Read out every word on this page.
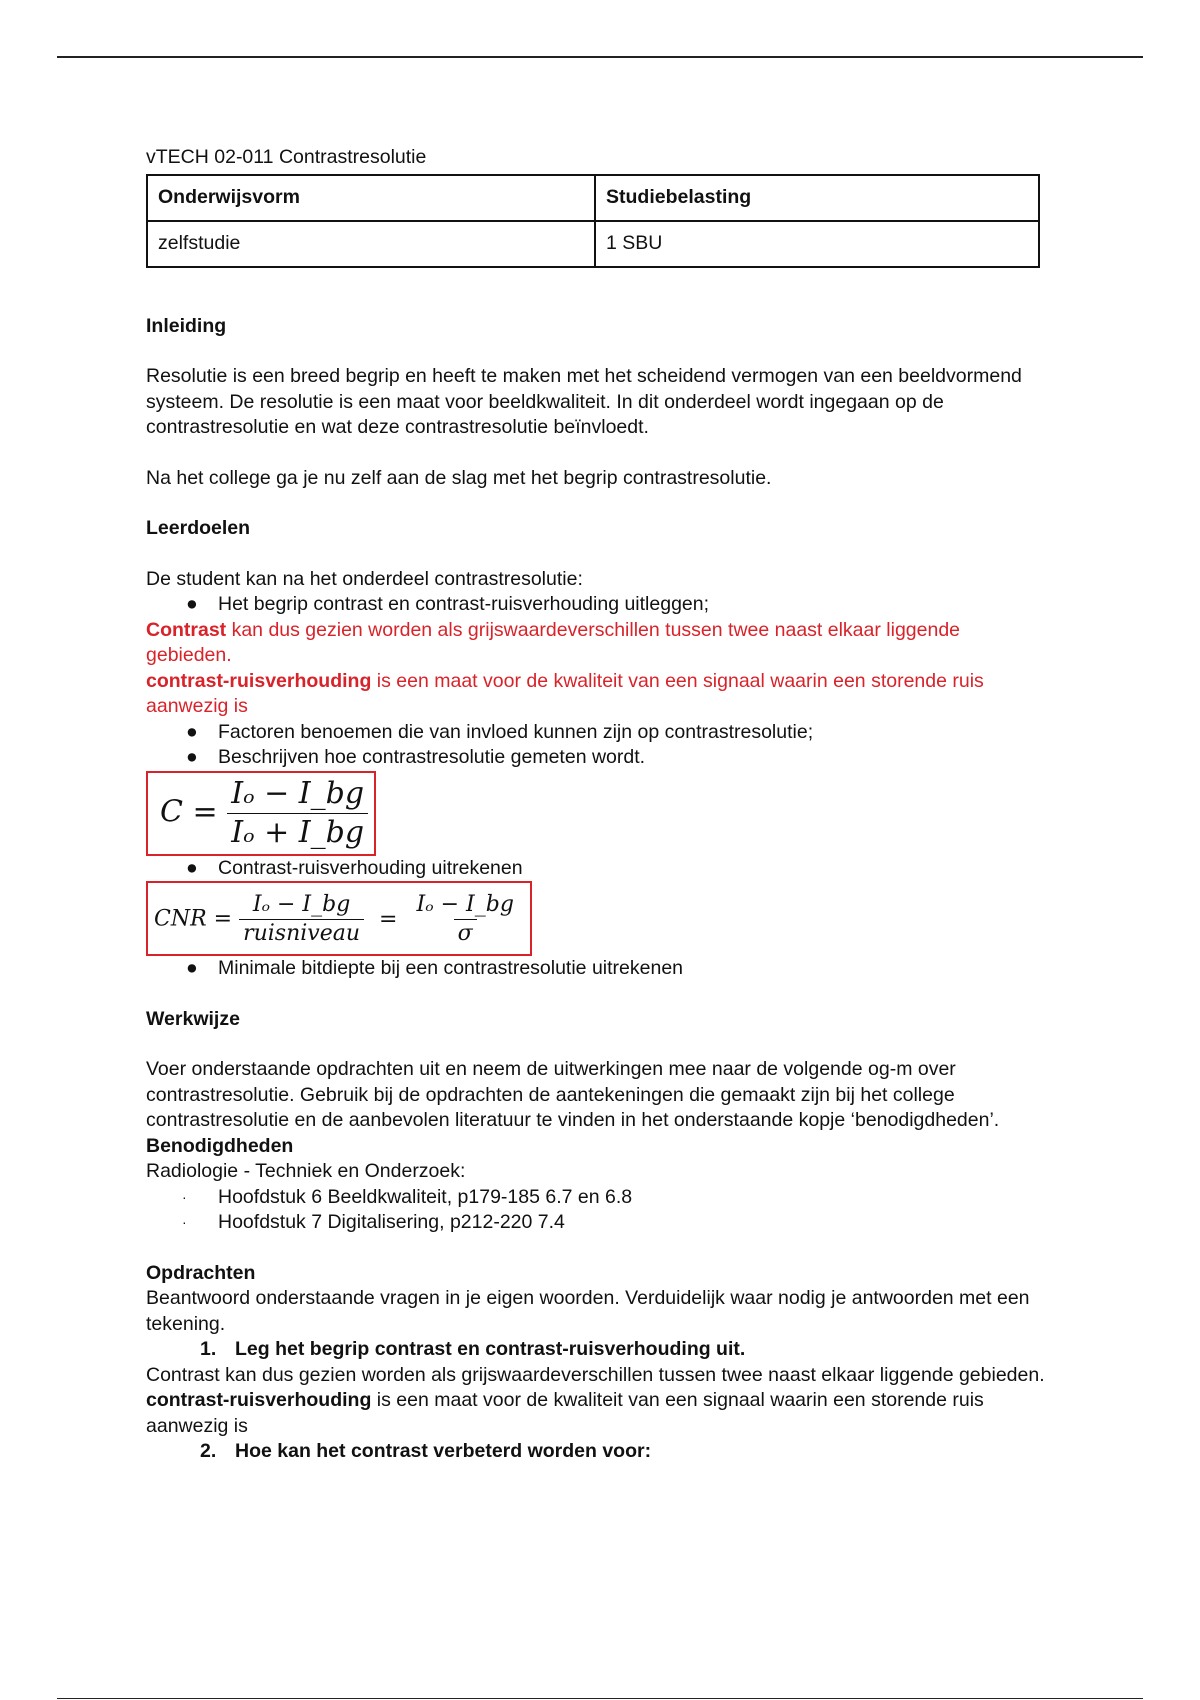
vTECH 02-011 Contrastresolutie

Onderwijsvorm	Studiebelasting
zelfstudie	1 SBU

Inleiding

Resolutie is een breed begrip en heeft te maken met het scheidend vermogen van een beeldvormend systeem. De resolutie is een maat voor beeldkwaliteit. In dit onderdeel wordt ingegaan op de contrastresolutie en wat deze contrastresolutie beïnvloedt.

Na het college ga je nu zelf aan de slag met het begrip contrastresolutie.

Leerdoelen

De student kan na het onderdeel contrastresolutie:

● Het begrip contrast en contrast-ruisverhouding uitleggen;

Contrast kan dus gezien worden als grijswaardeverschillen tussen twee naast elkaar liggende gebieden.

contrast-ruisverhouding is een maat voor de kwaliteit van een signaal waarin een storende ruis aanwezig is

● Factoren benoemen die van invloed kunnen zijn op contrastresolutie;
● Beschrijven hoe contrastresolutie gemeten wordt.
$C = \frac{\text{Iₒ − I\_bg}}{\text{Iₒ + I\_bg}}$
● Contrast-ruisverhouding uitrekenen
CNR = $\frac{\text{Iₒ − I\_bg}}{\text{ruisniveau}} = \frac{\text{Iₒ − I\_bg}}{\sigma}$
● Minimale bitdiepte bij een contrastresolutie uitrekenen

Werkwijze

Voer onderstaande opdrachten uit en neem de uitwerkingen mee naar de volgende og-m over contrastresolutie. Gebruik bij de opdrachten de aantekeningen die gemaakt zijn bij het college contrastresolutie en de aanbevolen literatuur te vinden in het onderstaande kopje ‘benodigdheden’.

Benodigdheden

Radiologie - Techniek en Onderzoek:

· Hoofdstuk 6 Beeldkwaliteit, p179-185 6.7 en 6.8
· Hoofdstuk 7 Digitalisering, p212-220 7.4

Opdrachten

Beantwoord onderstaande vragen in je eigen woorden. Verduidelijk waar nodig je antwoorden met een tekening.

1. Leg het begrip contrast en contrast-ruisverhouding uit.

Contrast kan dus gezien worden als grijswaardeverschillen tussen twee naast elkaar liggende gebieden.

contrast-ruisverhouding is een maat voor de kwaliteit van een signaal waarin een storende ruis aanwezig is

2. Hoe kan het contrast verbeterd worden voor:
